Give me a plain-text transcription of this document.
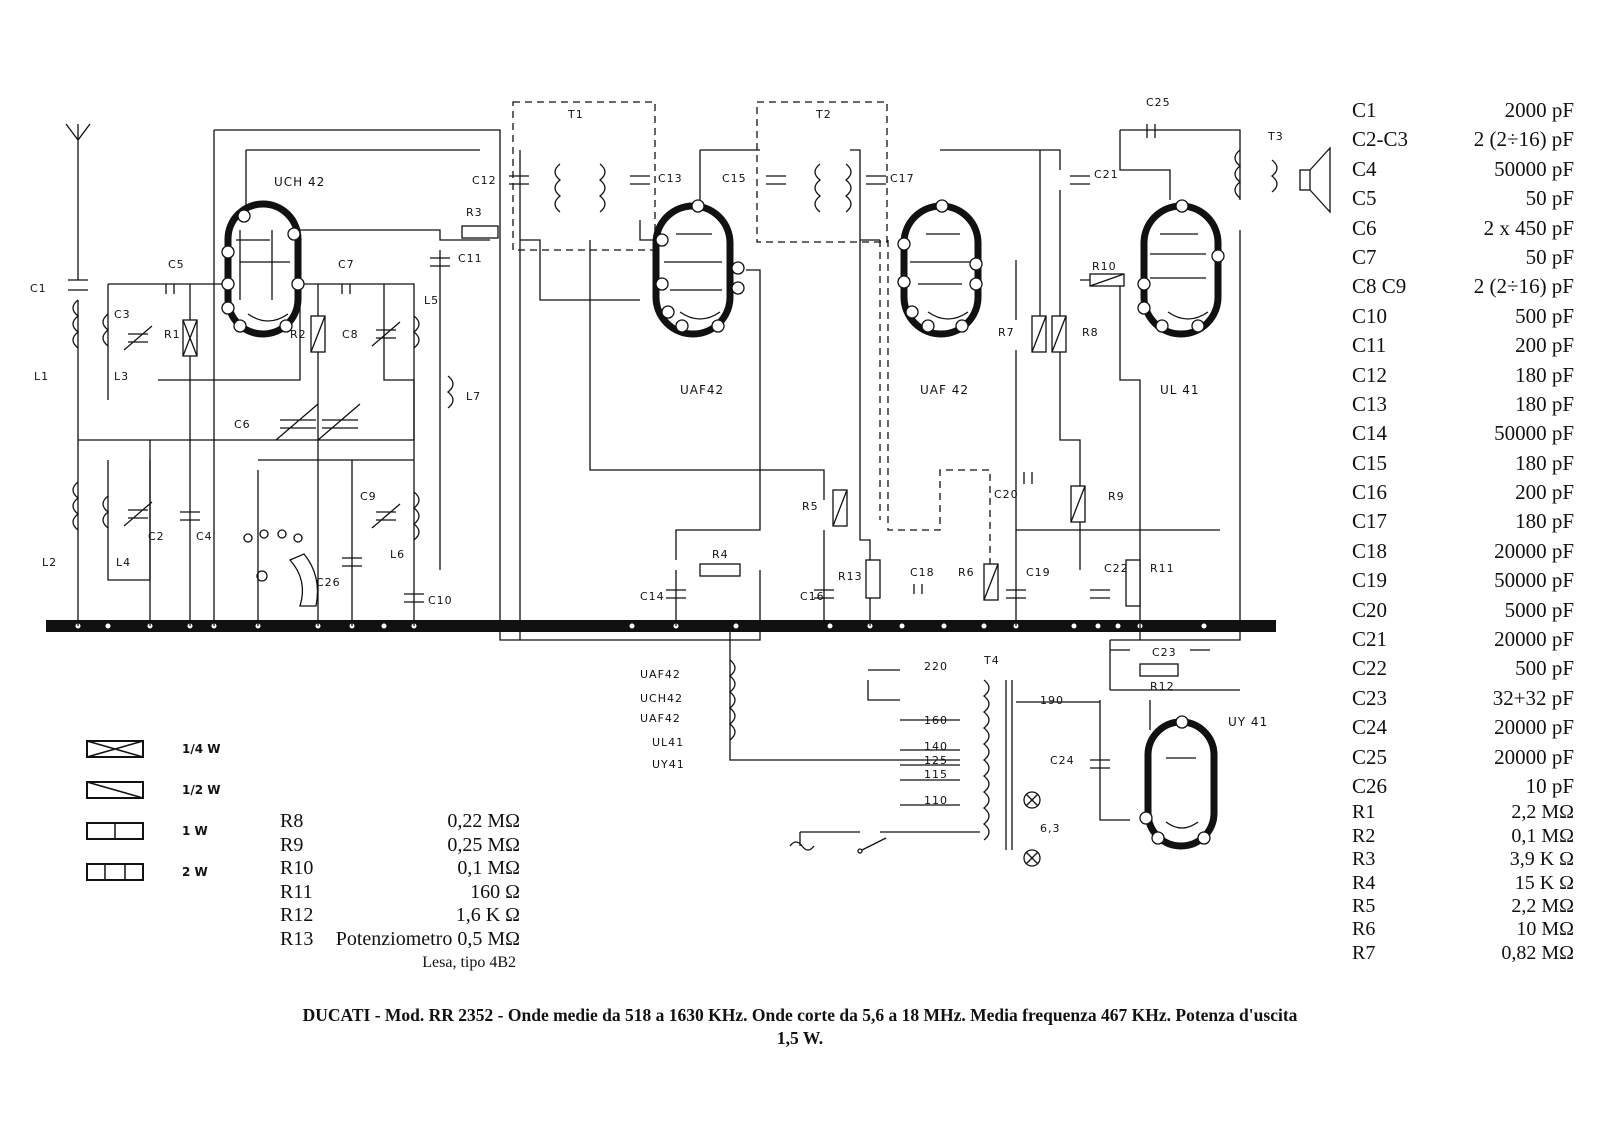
C1
C3
C5
R1	R2
C7
C8
L5
L7
C11
R3
C12
T1
C13	C15
T2
C17	C21
C25
T3
R10
L1	L3
C6
L2	L4
C2	C4
C9
L6
C26
C10
R4
C14
R5
C16
R13	C18 R6	C19
C20
R7	R8
R9
C22 R11
C23
R12
T4
C24
UAF42
UCH42
UAF42
UL41
UY41
220
190
160
140
125
115
110
6,3
UCH 42
UAF42	UAF 42	UL 41
UY 41
1/4 W
1/2 W
1 W
2 W
R8	0,22 MΩ
R9	0,25 MΩ
R10	0,1 MΩ
R11	160 Ω
R12	1,6 K Ω
R13	Potenziometro 0,5 MΩ
Lesa, tipo 4B2
C1	2000 pF
C2-C3	2 (2÷16) pF
C4	50000 pF
C5	50 pF
C6	2 x 450 pF
C7	50 pF
C8 C9	2 (2÷16) pF
C10	500 pF
C11	200 pF
C12	180 pF
C13	180 pF
C14	50000 pF
C15	180 pF
C16	200 pF
C17	180 pF
C18	20000 pF
C19	50000 pF
C20	5000 pF
C21	20000 pF
C22	500 pF
C23	32+32 pF
C24	20000 pF
C25	20000 pF
C26	10 pF
R1	2,2 MΩ
R2	0,1 MΩ
R3	3,9 K Ω
R4	15 K Ω
R5	2,2 MΩ
R6	10 MΩ
R7	0,82 MΩ
DUCATI - Mod. RR 2352 - Onde medie da 518 a 1630 KHz. Onde corte da 5,6 a 18 MHz. Media frequenza 467 KHz. Potenza d'uscita
1,5 W.
